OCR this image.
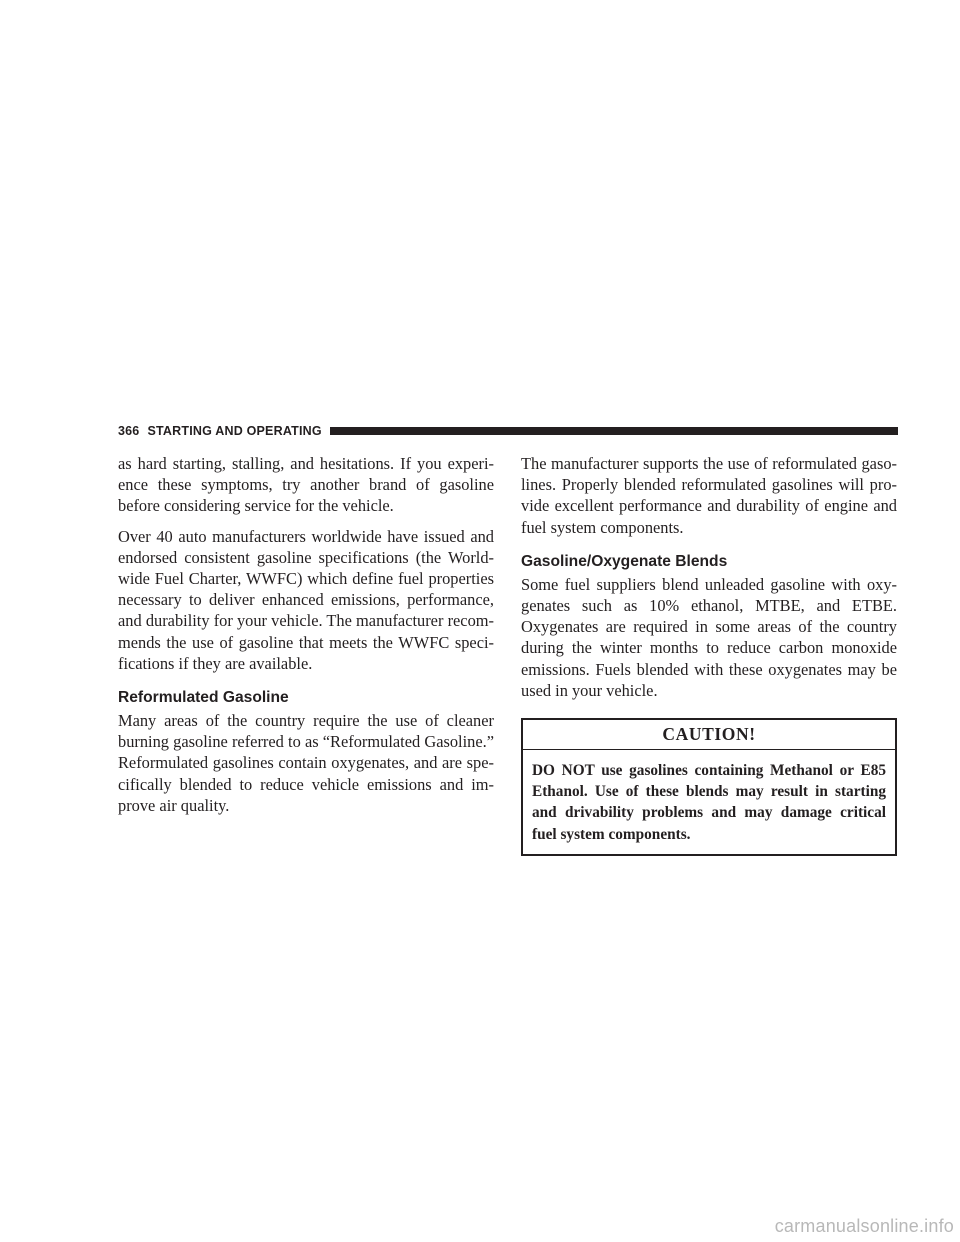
366 STARTING AND OPERATING

as hard starting, stalling, and hesitations. If you experience these symptoms, try another brand of gasoline before considering service for the vehicle.

Over 40 auto manufacturers worldwide have issued and endorsed consistent gasoline specifications (the Worldwide Fuel Charter, WWFC) which define fuel properties necessary to deliver enhanced emissions, performance, and durability for your vehicle. The manufacturer recommends the use of gasoline that meets the WWFC specifications if they are available.

Reformulated Gasoline

Many areas of the country require the use of cleaner burning gasoline referred to as “Reformulated Gasoline.” Reformulated gasolines contain oxygenates, and are specifically blended to reduce vehicle emissions and improve air quality.

The manufacturer supports the use of reformulated gasolines. Properly blended reformulated gasolines will provide excellent performance and durability of engine and fuel system components.

Gasoline/Oxygenate Blends

Some fuel suppliers blend unleaded gasoline with oxygenates such as 10% ethanol, MTBE, and ETBE. Oxygenates are required in some areas of the country during the winter months to reduce carbon monoxide emissions. Fuels blended with these oxygenates may be used in your vehicle.

CAUTION!

DO NOT use gasolines containing Methanol or E85 Ethanol. Use of these blends may result in starting and drivability problems and may damage critical fuel system components.

carmanualsonline.info
